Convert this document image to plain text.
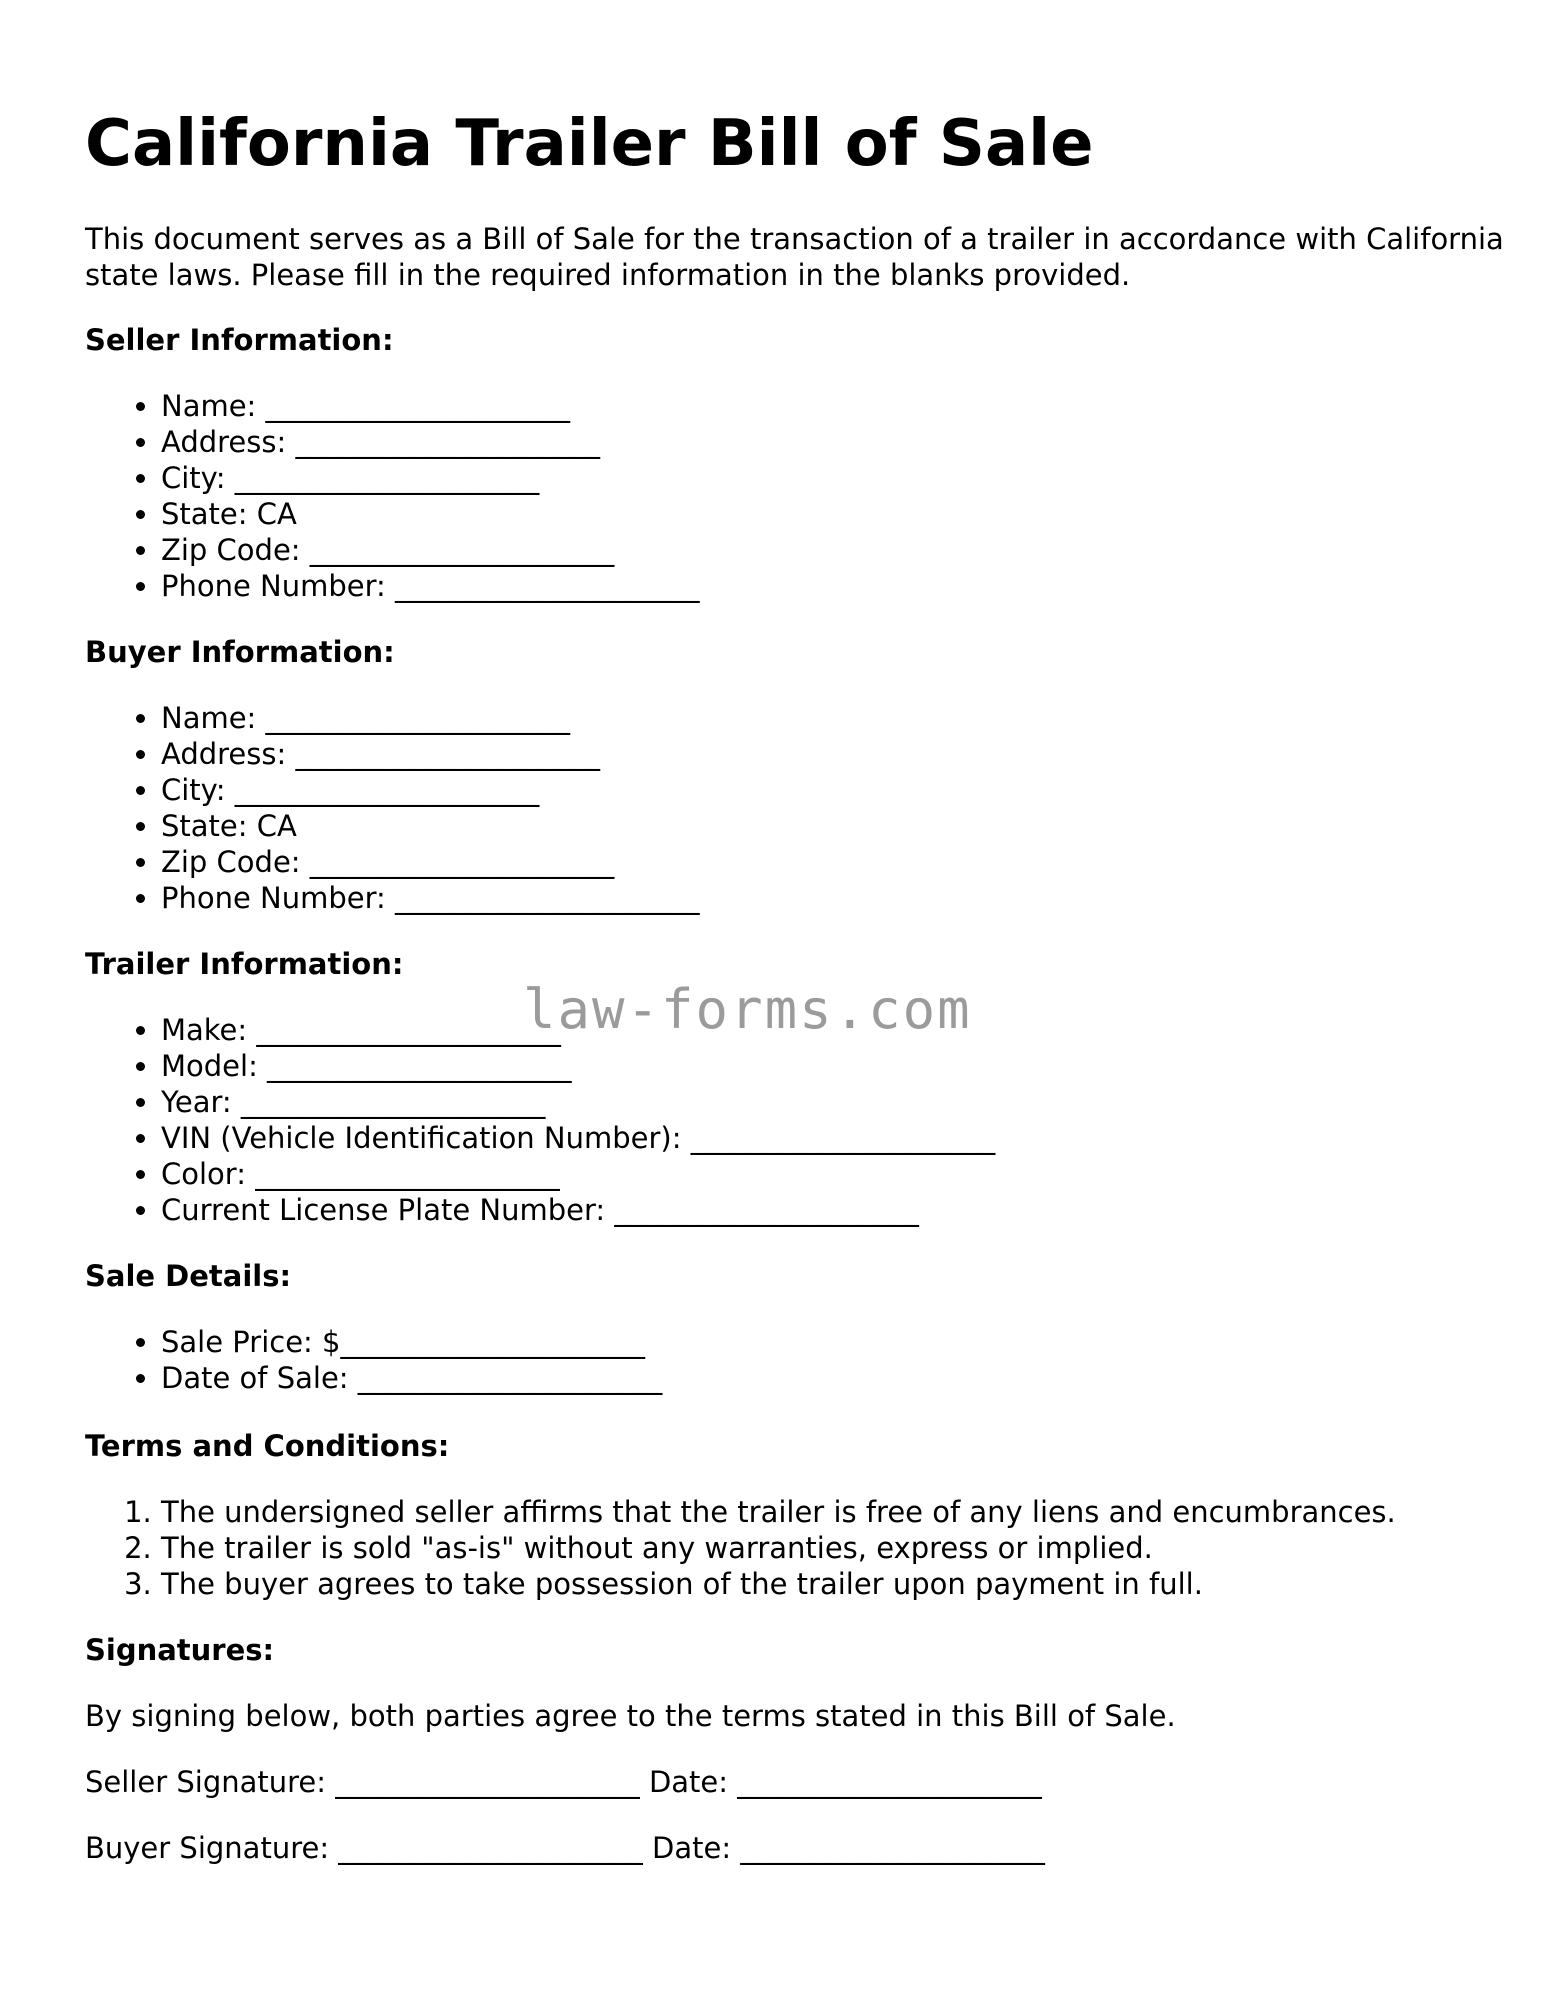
California Trailer Bill of Sale

This document serves as a Bill of Sale for the transaction of a trailer in accordance with California state laws. Please fill in the required information in the blanks provided.

Seller Information:

• Name: _____________________
• Address: _____________________
• City: _____________________
• State: CA
• Zip Code: _____________________
• Phone Number: _____________________

Buyer Information:

• Name: _____________________
• Address: _____________________
• City: _____________________
• State: CA
• Zip Code: _____________________
• Phone Number: _____________________

Trailer Information:

• Make: _____________________
• Model: _____________________
• Year: _____________________
• VIN (Vehicle Identification Number): _____________________
• Color: _____________________
• Current License Plate Number: _____________________

Sale Details:

• Sale Price: $_____________________
• Date of Sale: _____________________

Terms and Conditions:

1. The undersigned seller affirms that the trailer is free of any liens and encumbrances.
2. The trailer is sold "as-is" without any warranties, express or implied.
3. The buyer agrees to take possession of the trailer upon payment in full.

Signatures:

By signing below, both parties agree to the terms stated in this Bill of Sale.

Seller Signature: _____________________ Date: _____________________

Buyer Signature: _____________________ Date: _____________________

law-forms.com
